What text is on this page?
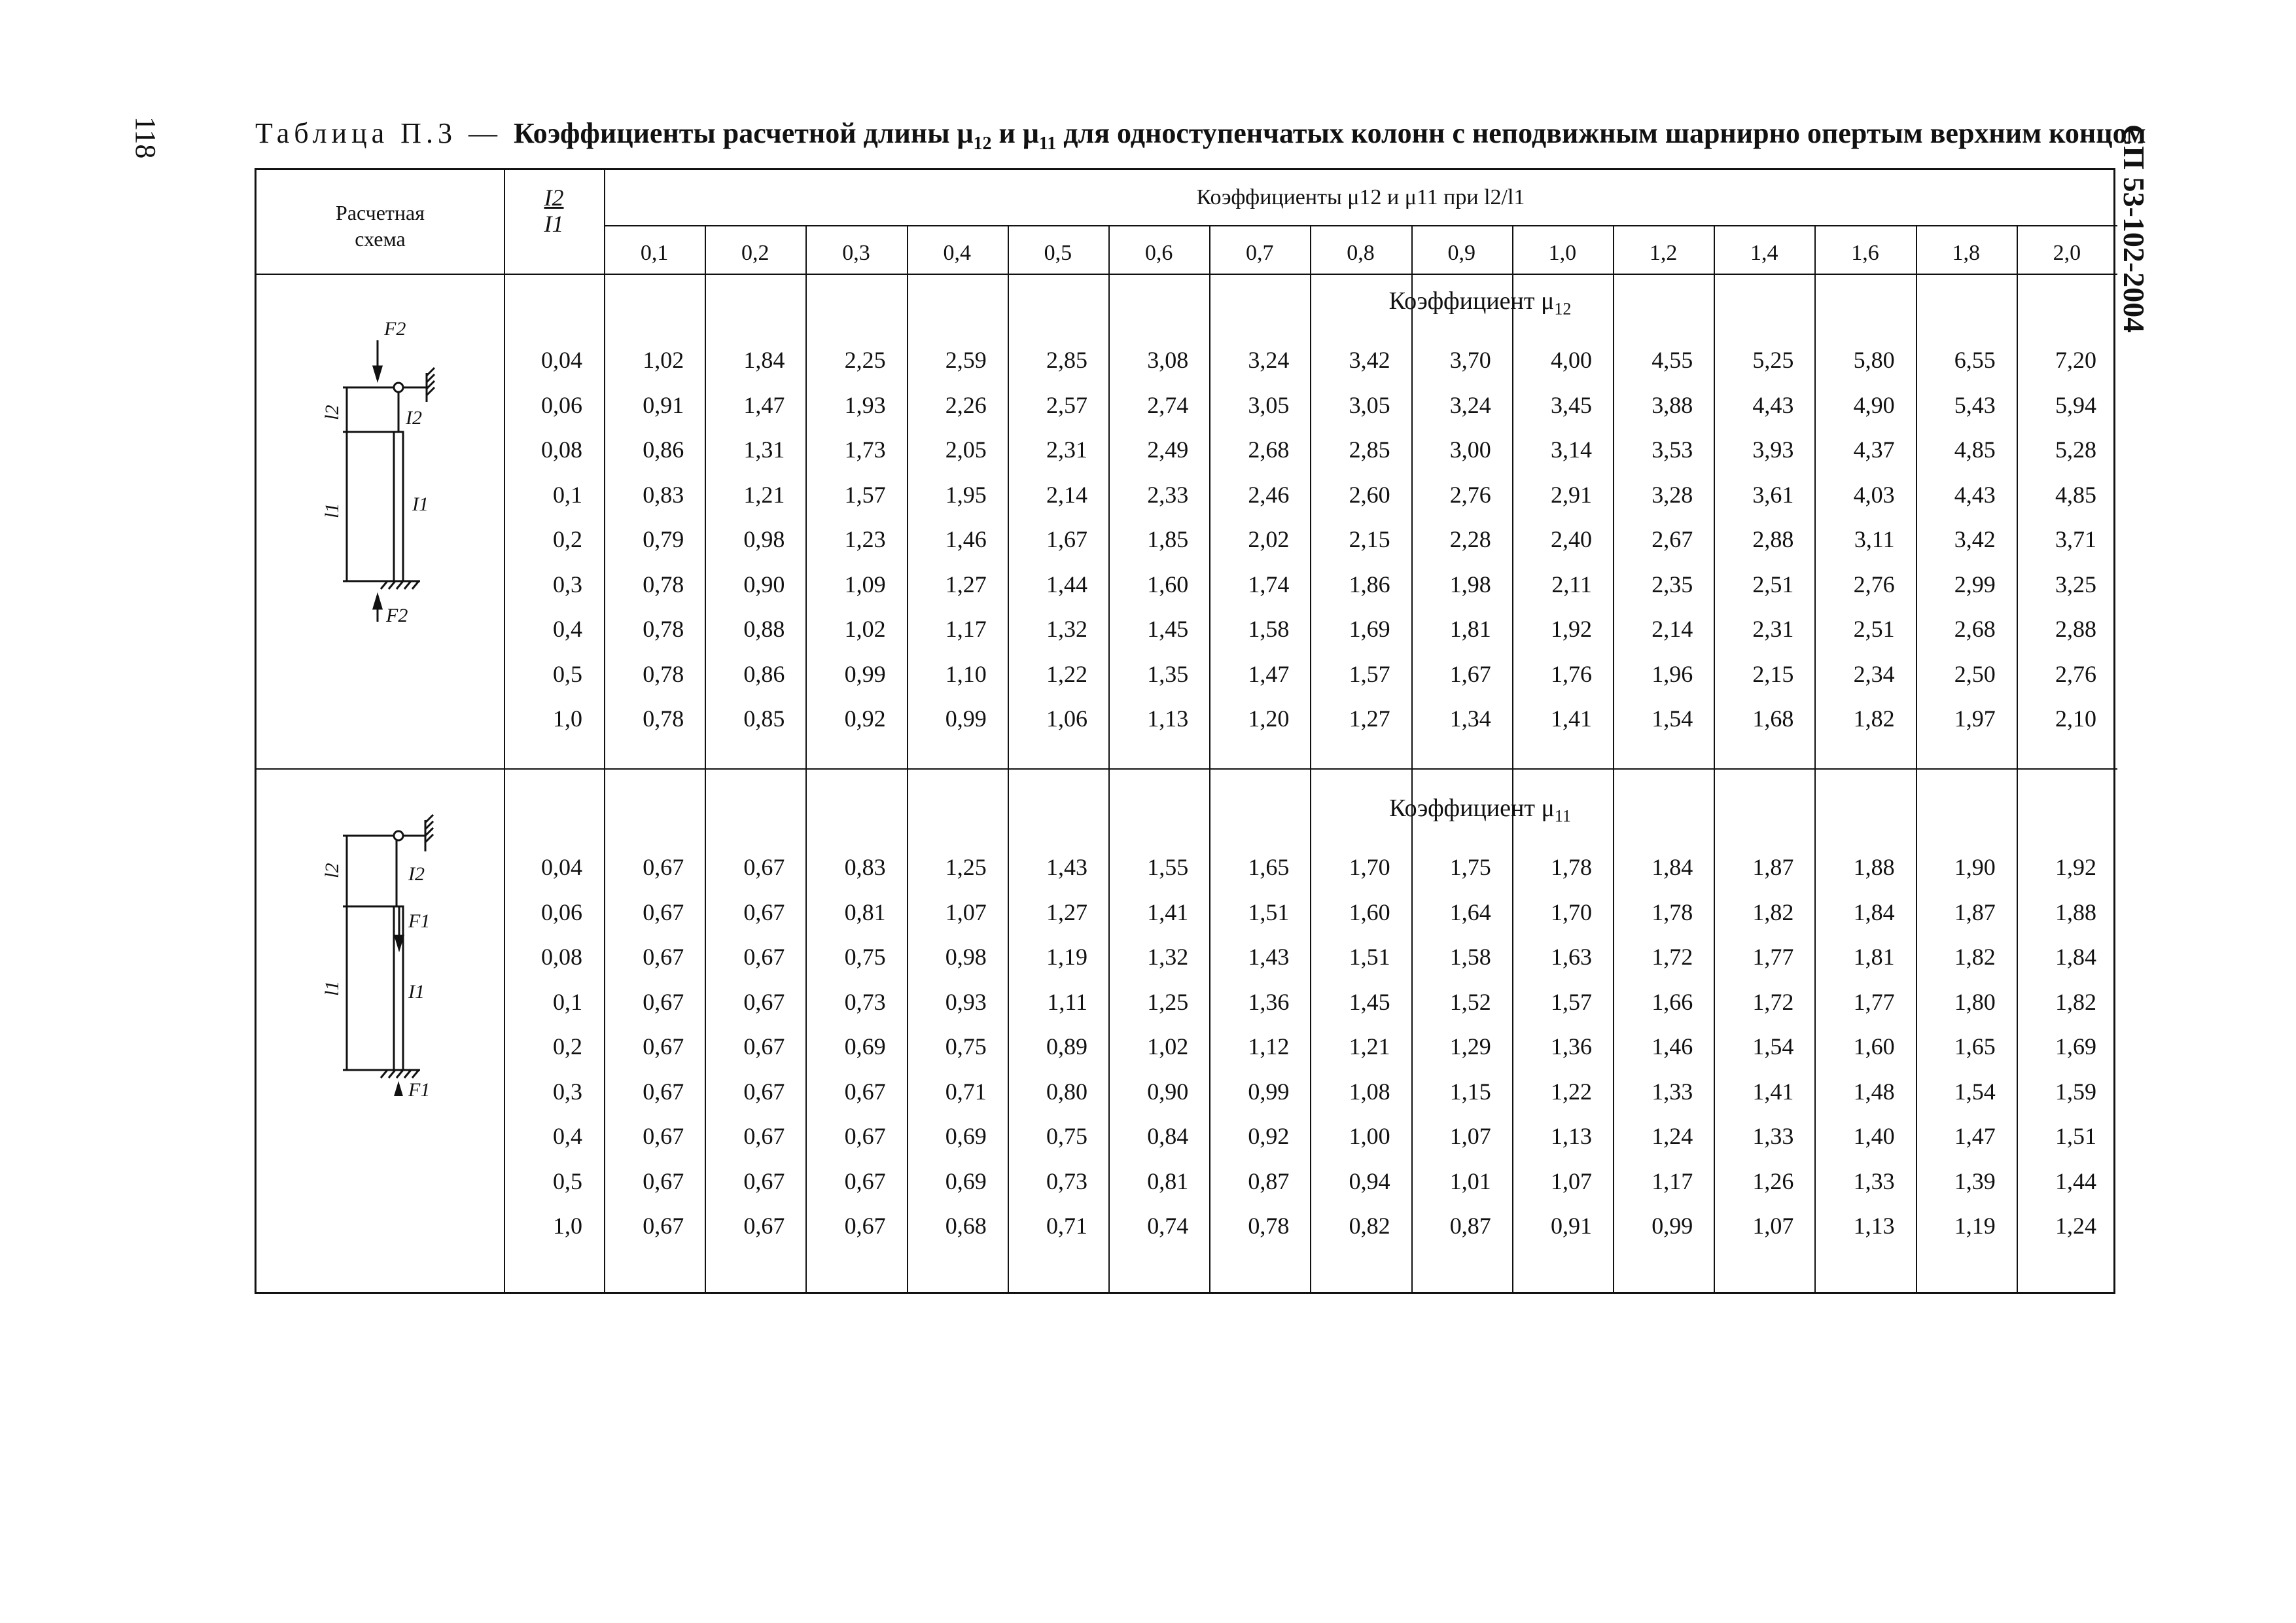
118	СП 53-102-2004
Таблица П.3 — Коэффициенты расчетной длины $\mu_{12}$ и $\mu_{11}$ для одноступенчатых колонн с неподвижным шарнирно опертым верхним концом
Расчетная
схема
I2
I1
Коэффициенты μ12 и μ11 при l2/l1
0,1	0,2	0,3	0,4	0,5	0,6	0,7	0,8	0,9	1,0	1,2	1,4	1,6	1,8	2,0
Коэффициент $\mu_{12}$
Коэффициент $\mu_{11}$
0,04	1,02	1,84	2,25	2,59	2,85	3,08	3,24	3,42	3,70	4,00	4,55	5,25	5,80	6,55	7,20
0,06	0,91	1,47	1,93	2,26	2,57	2,74	3,05	3,05	3,24	3,45	3,88	4,43	4,90	5,43	5,94
0,08	0,86	1,31	1,73	2,05	2,31	2,49	2,68	2,85	3,00	3,14	3,53	3,93	4,37	4,85	5,28
0,1	0,83	1,21	1,57	1,95	2,14	2,33	2,46	2,60	2,76	2,91	3,28	3,61	4,03	4,43	4,85
0,2	0,79	0,98	1,23	1,46	1,67	1,85	2,02	2,15	2,28	2,40	2,67	2,88	3,11	3,42	3,71
0,3	0,78	0,90	1,09	1,27	1,44	1,60	1,74	1,86	1,98	2,11	2,35	2,51	2,76	2,99	3,25
0,4	0,78	0,88	1,02	1,17	1,32	1,45	1,58	1,69	1,81	1,92	2,14	2,31	2,51	2,68	2,88
0,5	0,78	0,86	0,99	1,10	1,22	1,35	1,47	1,57	1,67	1,76	1,96	2,15	2,34	2,50	2,76
1,0	0,78	0,85	0,92	0,99	1,06	1,13	1,20	1,27	1,34	1,41	1,54	1,68	1,82	1,97	2,10
0,04	0,67	0,67	0,83	1,25	1,43	1,55	1,65	1,70	1,75	1,78	1,84	1,87	1,88	1,90	1,92
0,06	0,67	0,67	0,81	1,07	1,27	1,41	1,51	1,60	1,64	1,70	1,78	1,82	1,84	1,87	1,88
0,08	0,67	0,67	0,75	0,98	1,19	1,32	1,43	1,51	1,58	1,63	1,72	1,77	1,81	1,82	1,84
0,1	0,67	0,67	0,73	0,93	1,11	1,25	1,36	1,45	1,52	1,57	1,66	1,72	1,77	1,80	1,82
0,2	0,67	0,67	0,69	0,75	0,89	1,02	1,12	1,21	1,29	1,36	1,46	1,54	1,60	1,65	1,69
0,3	0,67	0,67	0,67	0,71	0,80	0,90	0,99	1,08	1,15	1,22	1,33	1,41	1,48	1,54	1,59
0,4	0,67	0,67	0,67	0,69	0,75	0,84	0,92	1,00	1,07	1,13	1,24	1,33	1,40	1,47	1,51
0,5	0,67	0,67	0,67	0,69	0,73	0,81	0,87	0,94	1,01	1,07	1,17	1,26	1,33	1,39	1,44
1,0	0,67	0,67	0,67	0,68	0,71	0,74	0,78	0,82	0,87	0,91	0,99	1,07	1,13	1,19	1,24
F2
l2	I2
l1	I1
F2
l2	I2
F1
l1	I1
F1
